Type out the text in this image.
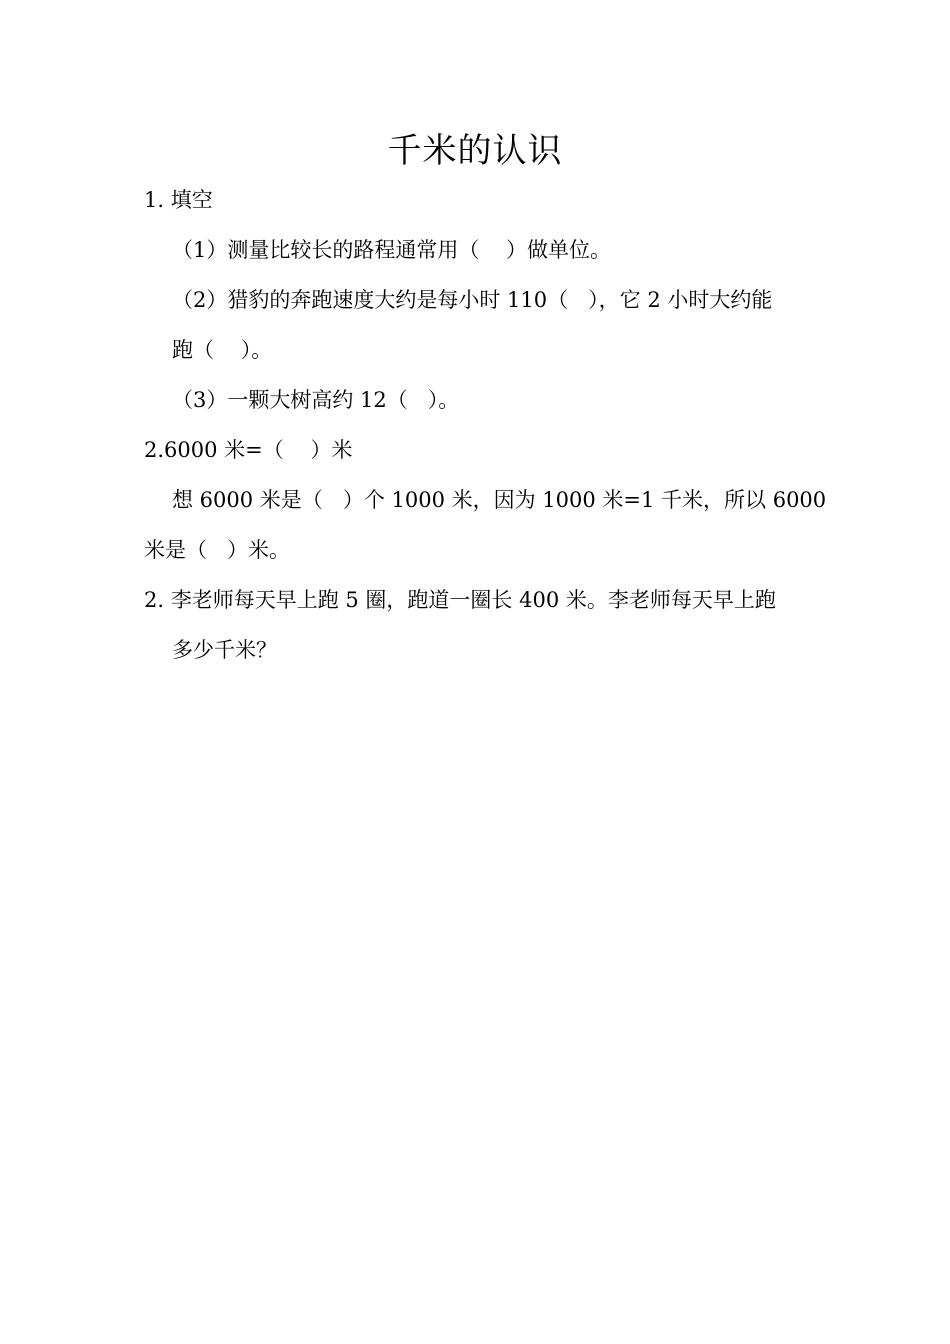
千米的认识
1. 填空
（1）测量比较长的路程通常用（    ）做单位。
（2）猎豹的奔跑速度大约是每小时 110（   ），它 2 小时大约能
跑（    ）。
（3）一颗大树高约 12（   ）。
2.6000 米=（    ）米
想 6000 米是（   ）个 1000 米，因为 1000 米=1 千米，所以 6000
米是（   ）米。
2. 李老师每天早上跑 5 圈，跑道一圈长 400 米。李老师每天早上跑
多少千米？
